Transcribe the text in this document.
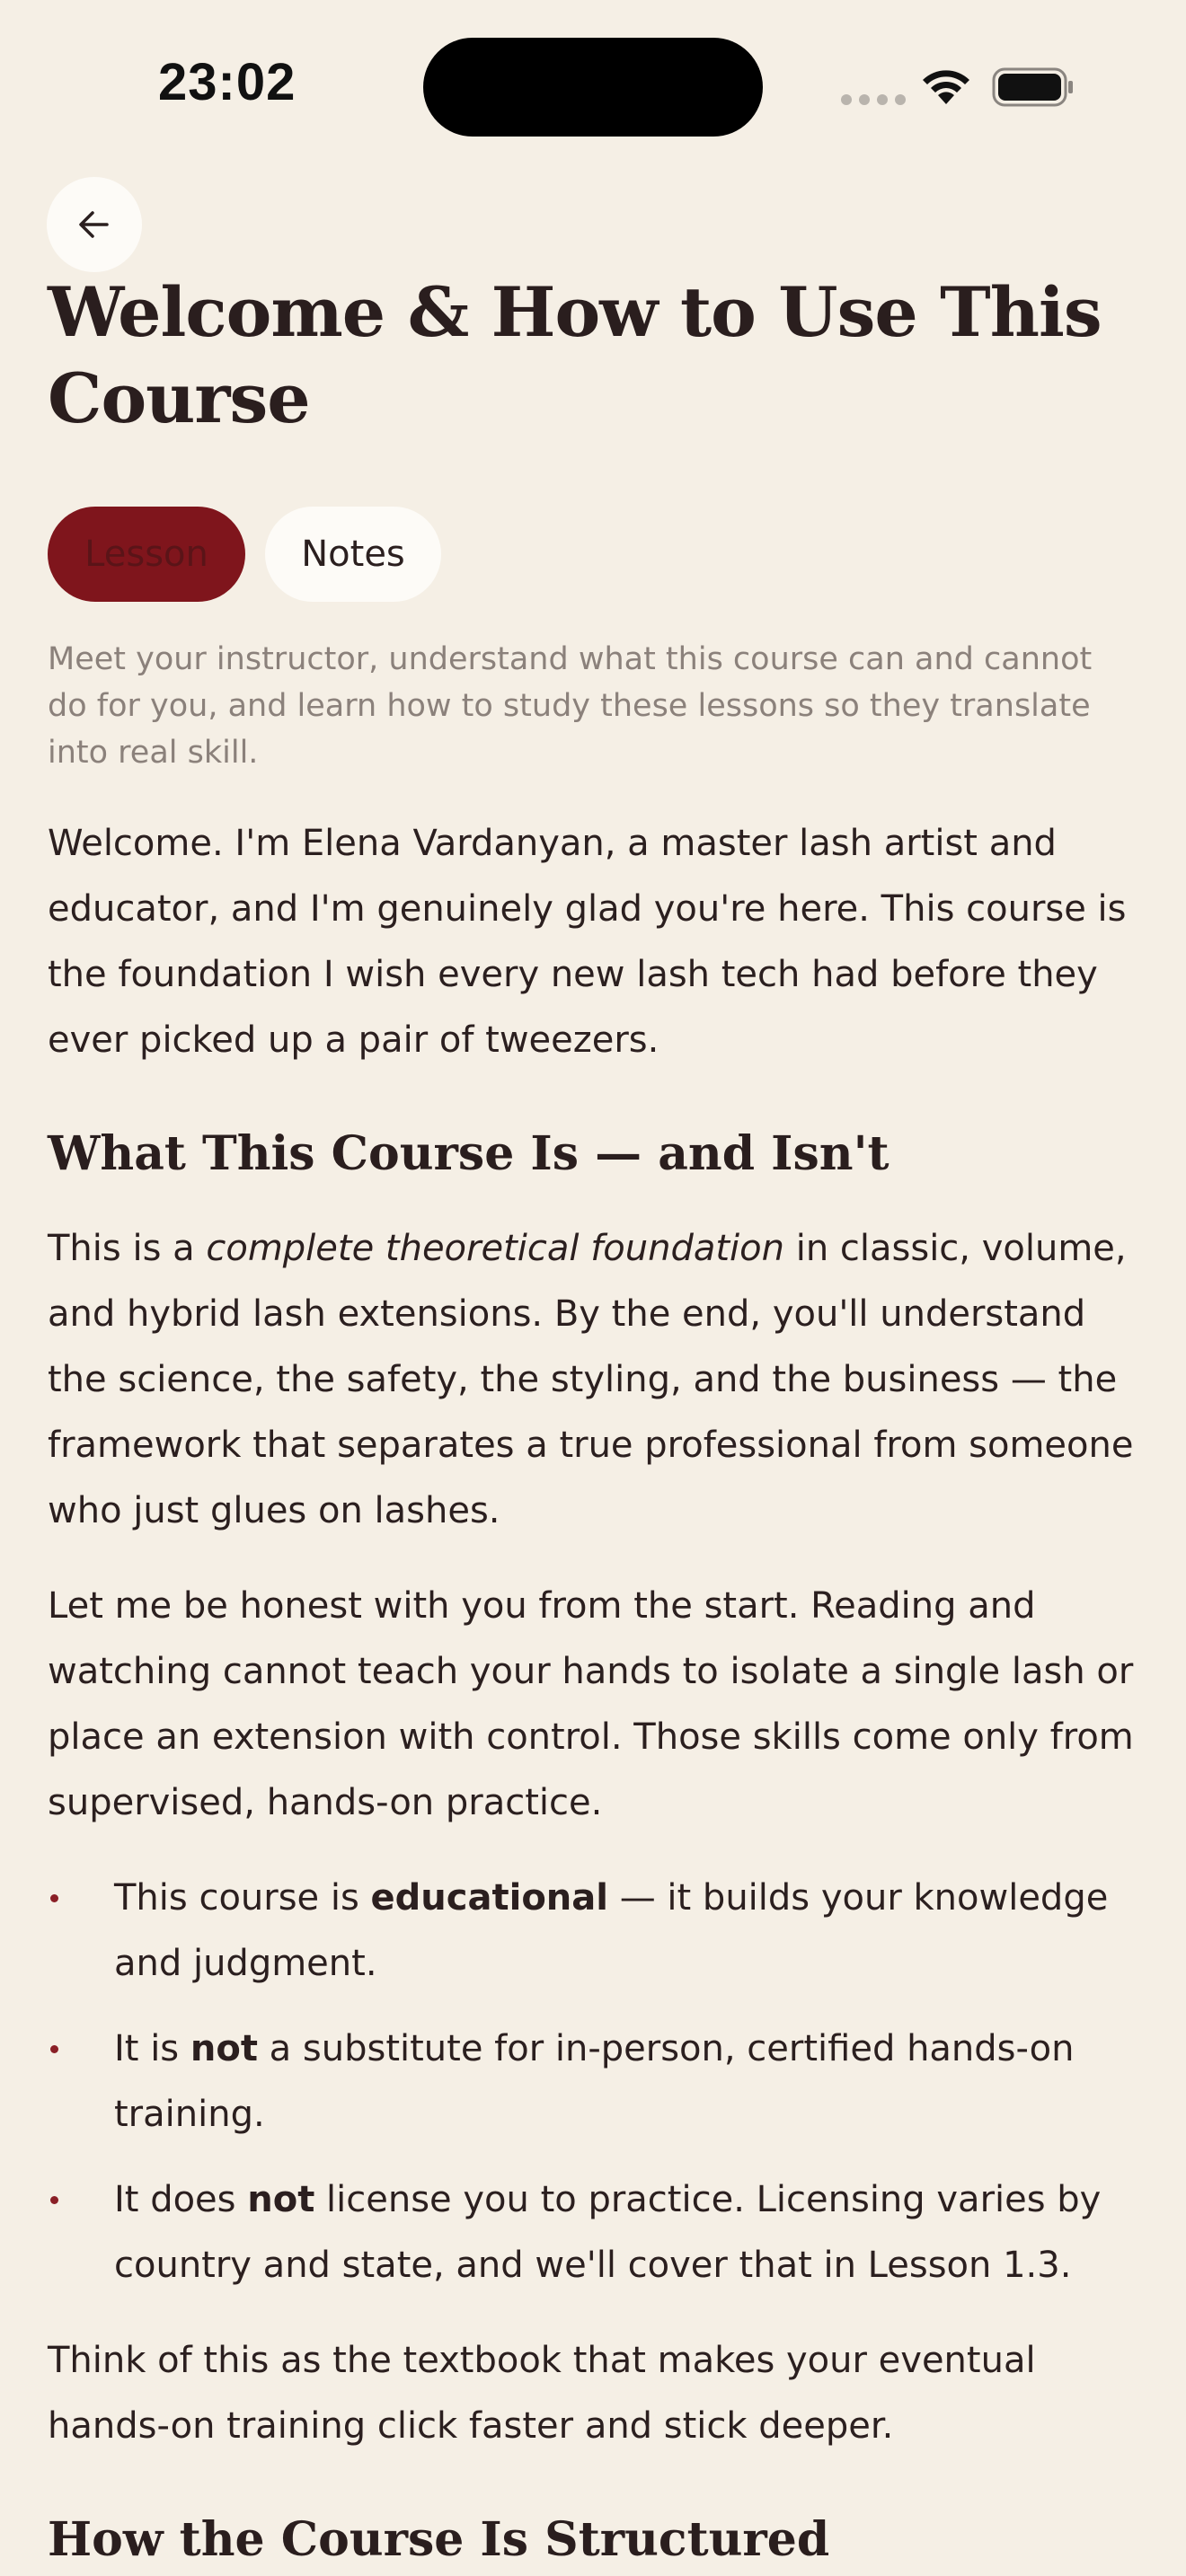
23:02
Welcome & How to Use This Course
Lesson	Notes

Meet your instructor, understand what this course can and cannot do for you, and learn how to study these lessons so they translate into real skill.

Welcome. I'm Elena Vardanyan, a master lash artist and educator, and I'm genuinely glad you're here. This course is the foundation I wish every new lash tech had before they ever picked up a pair of tweezers.

What This Course Is — and Isn't

This is a complete theoretical foundation in classic, volume, and hybrid lash extensions. By the end, you'll understand the science, the safety, the styling, and the business — the framework that separates a true professional from someone who just glues on lashes.

Let me be honest with you from the start. Reading and watching cannot teach your hands to isolate a single lash or place an extension with control. Those skills come only from supervised, hands-on practice.

This course is educational — it builds your knowledge and judgment.
It is not a substitute for in-person, certified hands-on training.
It does not license you to practice. Licensing varies by country and state, and we'll cover that in Lesson 1.3.

Think of this as the textbook that makes your eventual hands-on training click faster and stick deeper.

How the Course Is Structured
